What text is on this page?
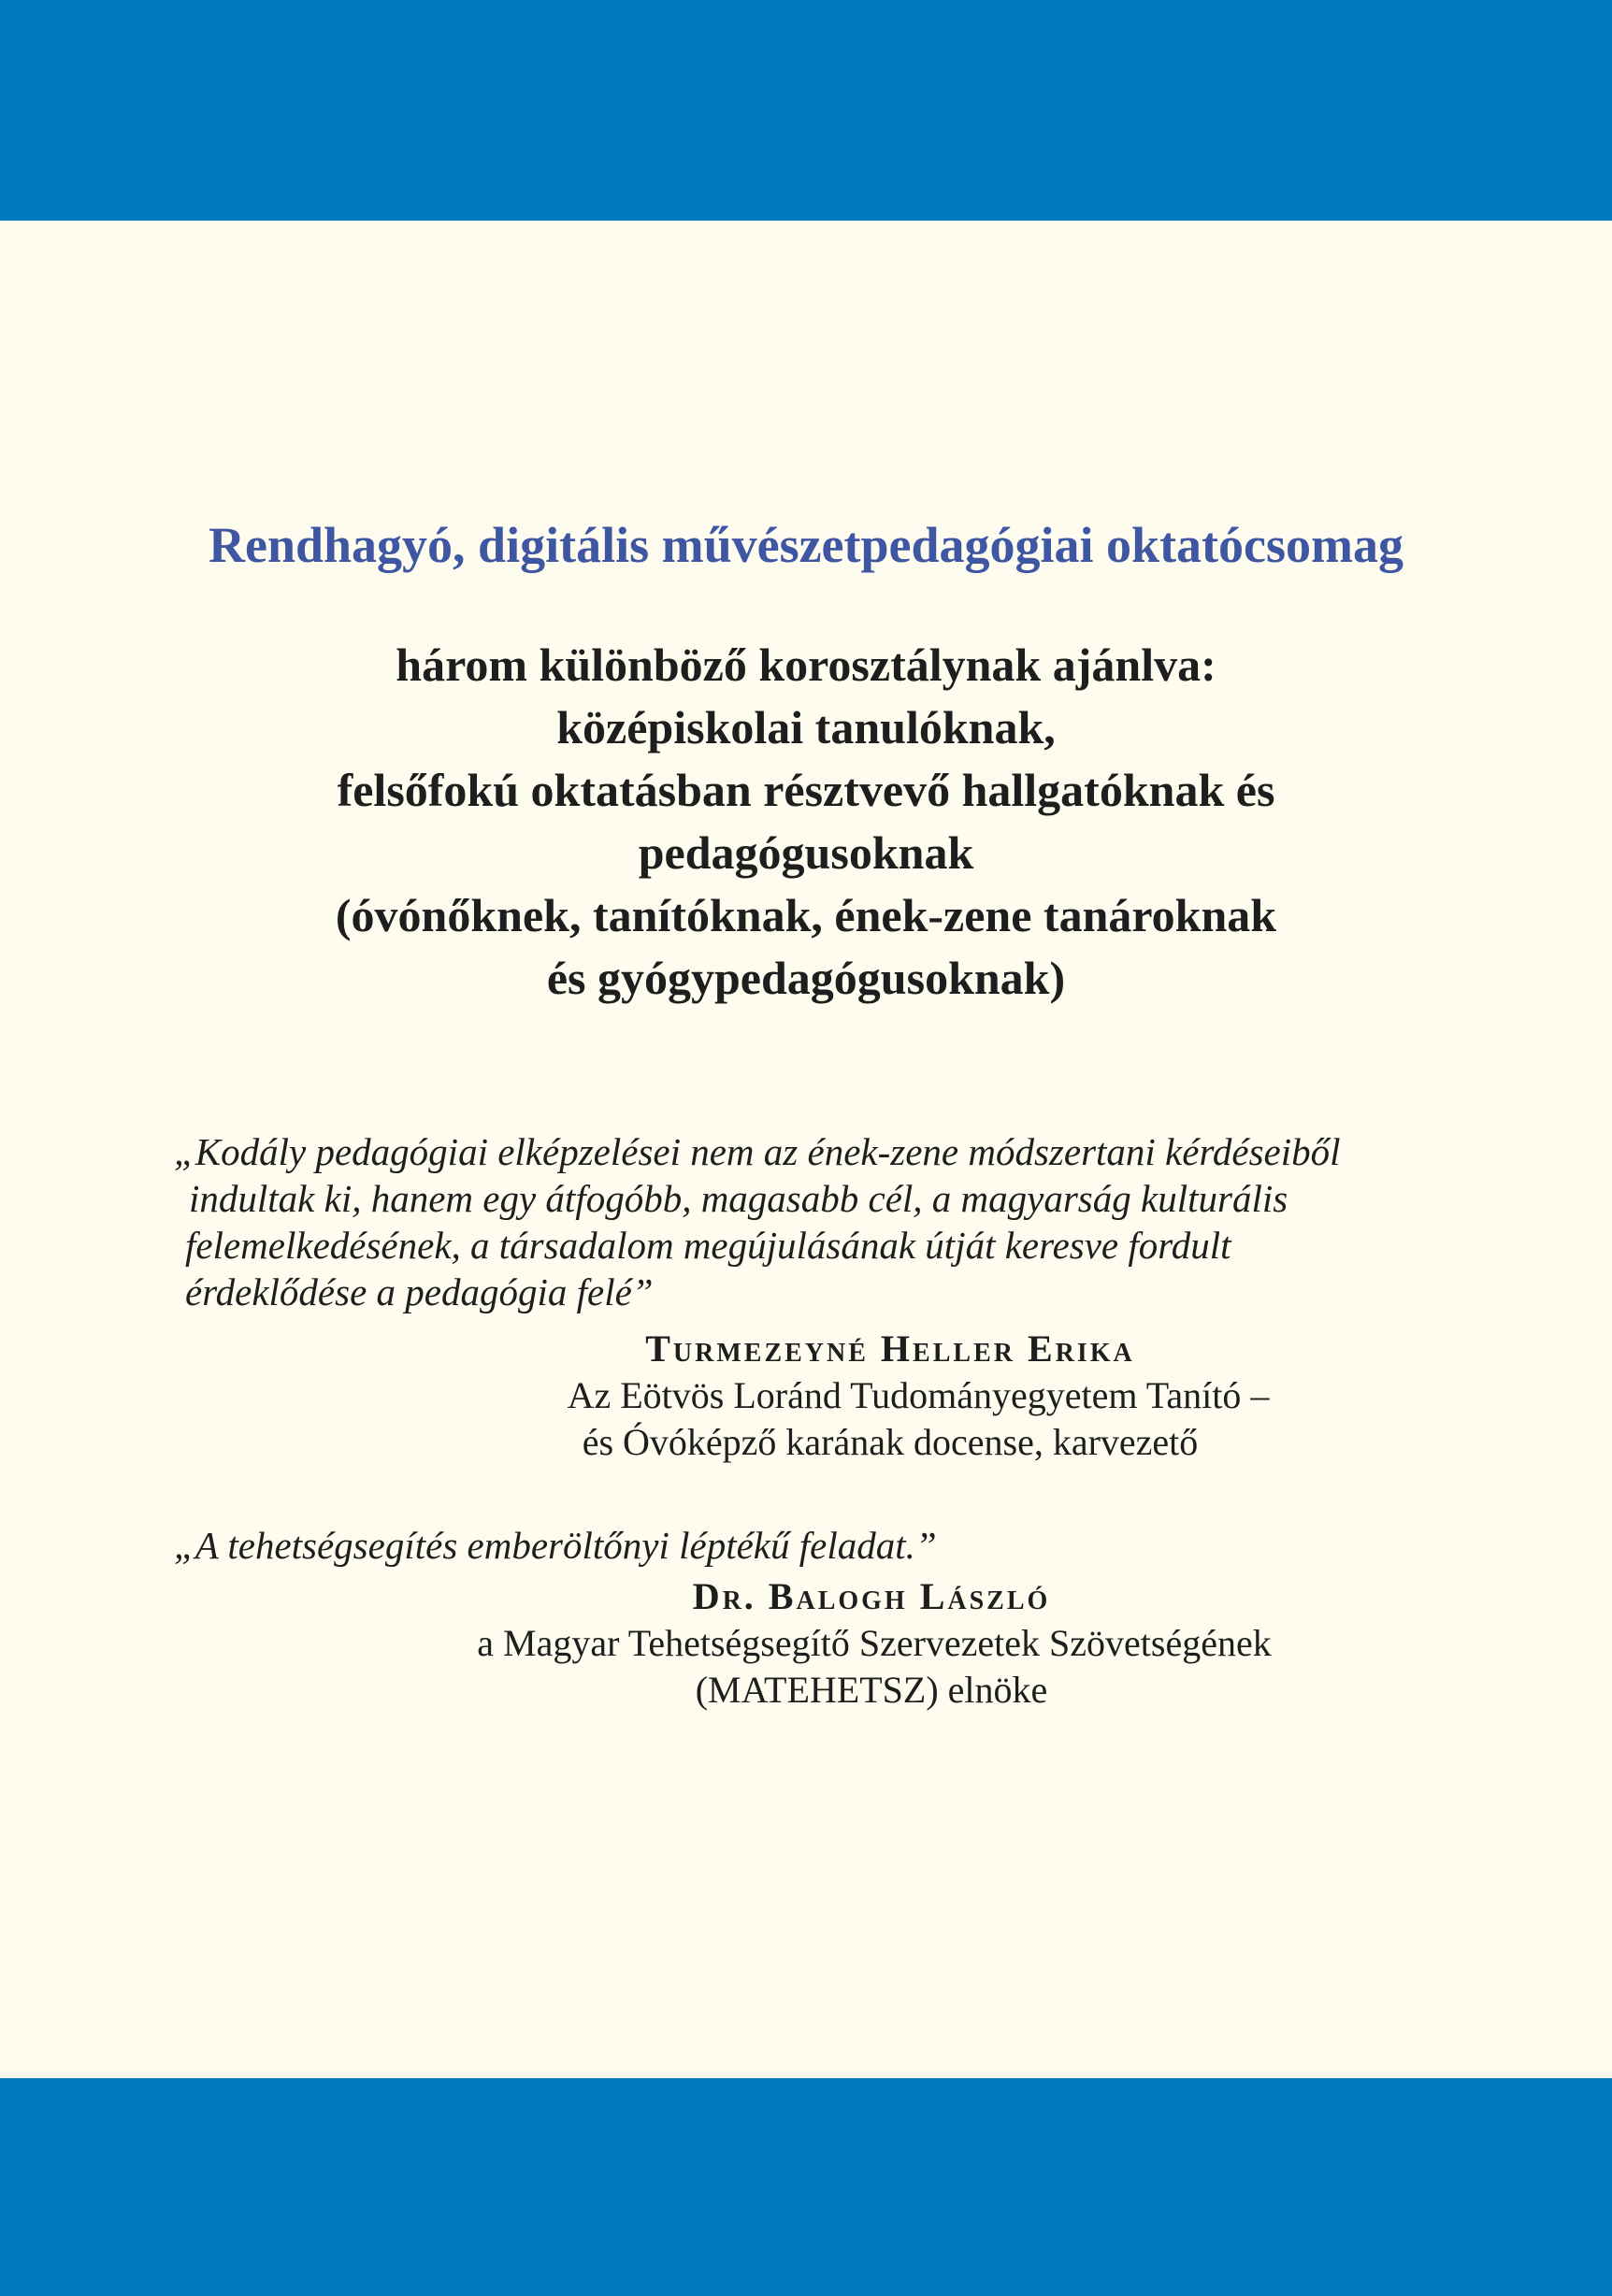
Rendhagyó, digitális művészetpedagógiai oktatócsomag
három különböző korosztálynak ajánlva:
középiskolai tanulóknak,
felsőfokú oktatásban résztvevő hallgatóknak és
pedagógusoknak
(óvónőknek, tanítóknak, ének-zene tanároknak
és gyógypedagógusoknak)
„Kodály pedagógiai elképzelései nem az ének-zene módszertani kérdéseiből
indultak ki, hanem egy átfogóbb, magasabb cél, a magyarság kulturális
felemelkedésének, a társadalom megújulásának útját keresve fordult
érdeklődése a pedagógia felé”
Turmezeyné Heller Erika
Az Eötvös Loránd Tudományegyetem Tanító –
és Óvóképző karának docense, karvezető
„A tehetségsegítés emberöltőnyi léptékű feladat.”
Dr. Balogh László
a Magyar Tehetségsegítő Szervezetek Szövetségének
(MATEHETSZ) elnöke
